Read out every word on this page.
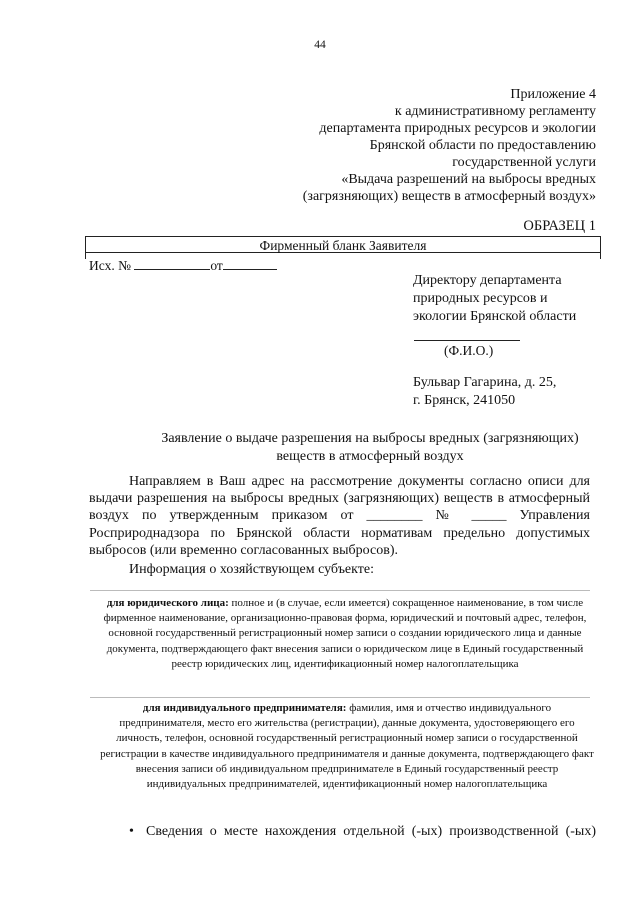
44
Приложение 4
к административному регламенту
департамента природных ресурсов и экологии
Брянской области по предоставлению
государственной услуги
«Выдача разрешений на выбросы вредных
(загрязняющих) веществ в атмосферный воздух»
ОБРАЗЕЦ 1
Фирменный бланк Заявителя
Исх. №	от
Директору департамента
природных ресурсов и
экологии Брянской области
(Ф.И.О.)
Бульвар Гагарина, д. 25,
г. Брянск, 241050
Заявление о выдаче разрешения на выбросы вредных (загрязняющих)
веществ в атмосферный воздух

Направляем в Ваш адрес на рассмотрение документы согласно описи для выдачи разрешения на выбросы вредных (загрязняющих) веществ в атмосферный воздух по утвержденным приказом от ________ № _____ Управления Росприроднадзора по Брянской области нормативам предельно допустимых выбросов (или временно согласованных выбросов).

Информация о хозяйствующем субъекте:

для юридического лица: полное и (в случае, если имеется) сокращенное наименование, в том числе фирменное наименование, организационно-правовая форма, юридический и почтовый адрес, телефон, основной государственный регистрационный номер записи о создании юридического лица и данные документа, подтверждающего факт внесения записи о юридическом лице в Единый государственный реестр юридических лиц, идентификационный номер налогоплательщика

для индивидуального предпринимателя: фамилия, имя и отчество индивидуального предпринимателя, место его жительства (регистрации), данные документа, удостоверяющего его личность, телефон, основной государственный регистрационный номер записи о государственной регистрации в качестве индивидуального предпринимателя и данные документа, подтверждающего факт внесения записи об индивидуальном предпринимателе в Единый государственный реестр индивидуальных предпринимателей, идентификационный номер налогоплательщика

• Сведения о месте нахождения отдельной (-ых) производственной (-ых)
